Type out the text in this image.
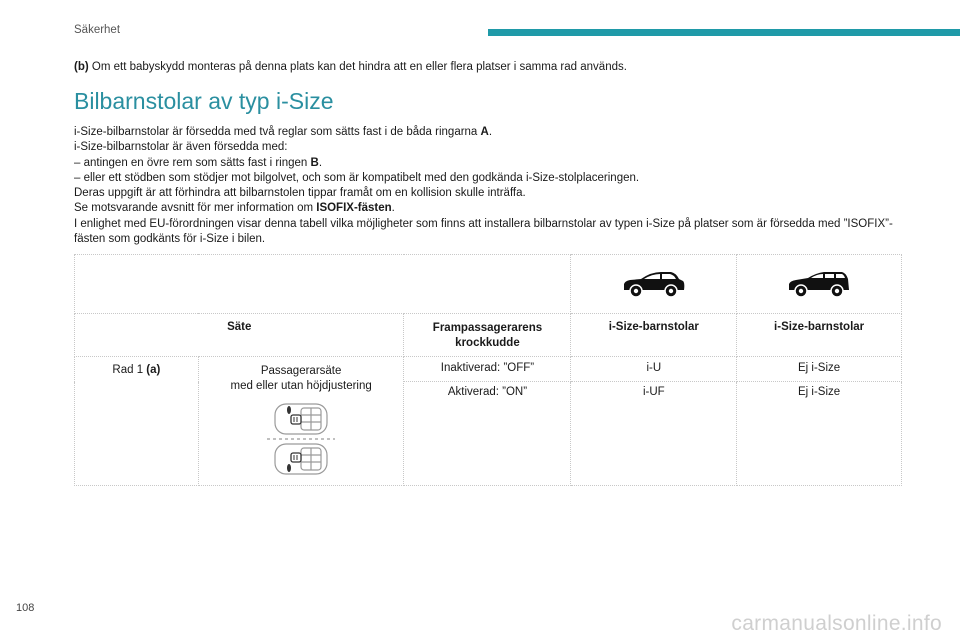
Säkerhet
(b) Om ett babyskydd monteras på denna plats kan det hindra att en eller flera platser i samma rad används.
Bilbarnstolar av typ i-Size

i-Size-bilbarnstolar är försedda med två reglar som sätts fast i de båda ringarna A.

i-Size-bilbarnstolar är även försedda med:

– antingen en övre rem som sätts fast i ringen B.

– eller ett stödben som stödjer mot bilgolvet, och som är kompatibelt med den godkända i-Size-stolplaceringen.

Deras uppgift är att förhindra att bilbarnstolen tippar framåt om en kollision skulle inträffa.

Se motsvarande avsnitt för mer information om ISOFIX-fästen.

I enlighet med EU-förordningen visar denna tabell vilka möjligheter som finns att installera bilbarnstolar av typen i-Size på platser som är försedda med ”ISOFIX”-fästen som godkänts för i-Size i bilen.

Säte		Frampassagerarens krockkudde	i-Size-barnstolar	i-Size-barnstolar
Rad 1 (a)	Passagerarsäte
med eller utan höjdjustering	Inaktiverad: ”OFF”	i-U	Ej i-Size
		Aktiverad: ”ON”	i-UF	Ej i-Size
108
carmanualsonline.info
